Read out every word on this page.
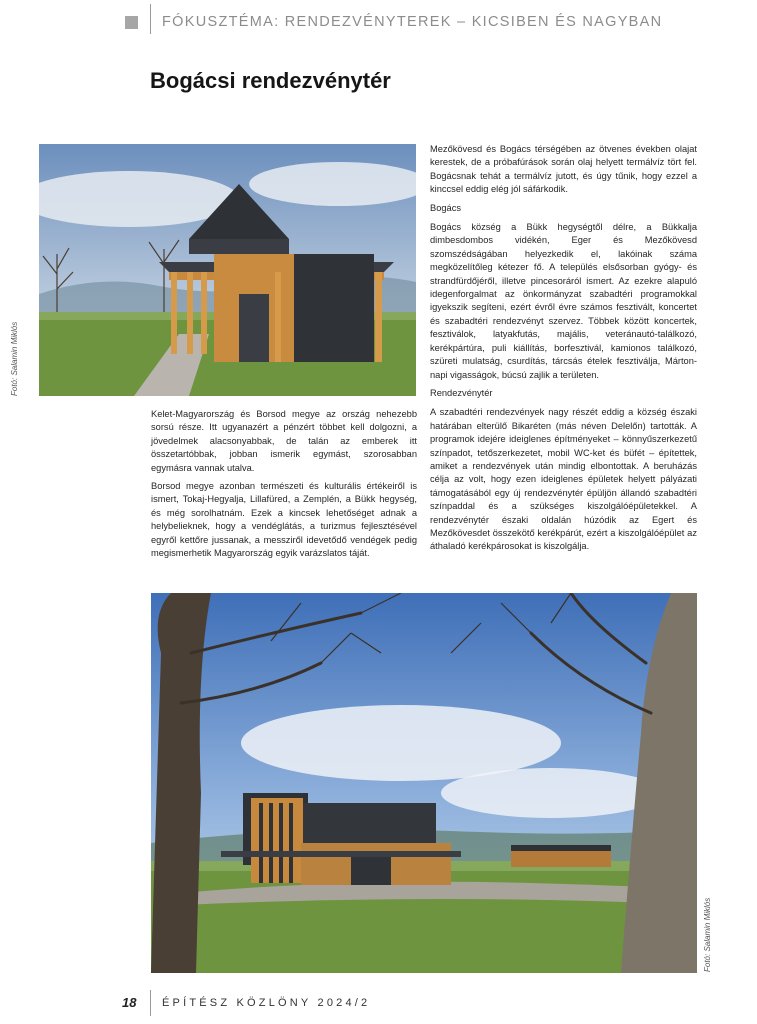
FÓKUSZTÉMA: RENDEZVÉNYTEREK – KICSIBEN ÉS NAGYBAN
Bogácsi rendezvénytér
Fotó: Salamin Miklós

Kelet-Magyarország és Borsod megye az ország nehezebb sorsú része. Itt ugyanazért a pénzért többet kell dolgozni, a jövedelmek alacsonyabbak, de talán az emberek itt összetartóbbak, jobban ismerik egymást, szorosabban egymásra vannak utalva.

Borsod megye azonban természeti és kulturális értékeiről is ismert, Tokaj-Hegyalja, Lillafüred, a Zemplén, a Bükk hegység, és még sorolhatnám. Ezek a kincsek lehetőséget adnak a helybelieknek, hogy a vendéglátás, a turizmus fejlesztésével egyről kettőre jussanak, a messziről idevetődő vendégek pedig megismerhetik Magyarország egyik varázslatos táját.

Mezőkövesd és Bogács térségében az ötvenes években olajat kerestek, de a próbafúrások során olaj helyett termálvíz tört fel. Bogácsnak tehát a termálvíz jutott, és úgy tűnik, hogy ezzel a kinccsel eddig elég jól sáfárkodik.

Bogács

Bogács község a Bükk hegységtől délre, a Bükkalja dimbesdombos vidékén, Eger és Mezőkövesd szomszédságában helyezkedik el, lakóinak száma megközelítőleg kétezer fő. A település elsősorban gyógy- és strandfürdőjéről, illetve pincesoráról ismert. Az ezekre alapuló idegenforgalmat az önkormányzat szabadtéri programokkal igyekszik segíteni, ezért évről évre számos fesztivált, koncertet és szabadtéri rendezvényt szervez. Többek között koncertek, fesztiválok, latyakfutás, majális, veteránautó-találkozó, kerékpártúra, puli kiállítás, borfesztivál, kamionos találkozó, szüreti mulatság, csurdítás, tárcsás ételek fesztiválja, Márton-napi vigasságok, búcsú zajlik a területen.

Rendezvénytér

A szabadtéri rendezvények nagy részét eddig a község északi határában elterülő Bikaréten (más néven Delelőn) tartották. A programok idejére ideiglenes építményeket – könnyűszerkezetű színpadot, tetőszerkezetet, mobil WC-ket és büfét – építettek, amiket a rendezvények után mindig elbontottak. A beruházás célja az volt, hogy ezen ideiglenes épületek helyett pályázati támogatásából egy új rendezvénytér épüljön állandó szabadtéri színpaddal és a szükséges kiszolgálóépületekkel. A rendezvénytér északi oldalán húzódik az Egert és Mezőkövesdet összekötő kerékpárút, ezért a kiszolgálóépület az áthaladó kerékpárosokat is kiszolgálja.

Fotó: Salamin Miklós
18 ÉPÍTÉSZ KÖZLÖNY 2024/2
